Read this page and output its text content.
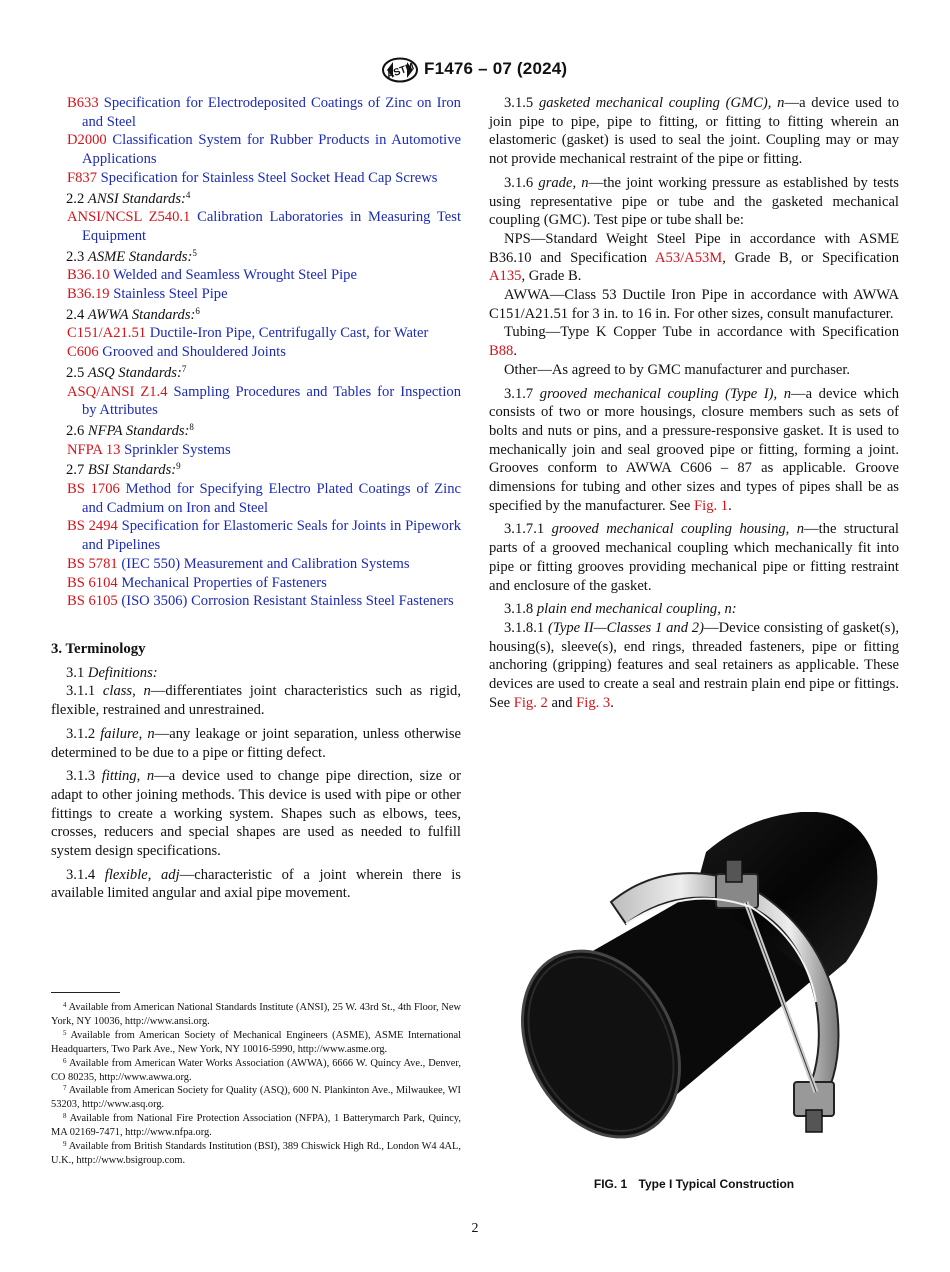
ASTM F1476 – 07 (2024)
B633 Specification for Electrodeposited Coatings of Zinc on Iron and Steel
D2000 Classification System for Rubber Products in Automotive Applications
F837 Specification for Stainless Steel Socket Head Cap Screws
2.2 ANSI Standards:$^4$
ANSI/NCSL Z540.1 Calibration Laboratories in Measuring Test Equipment
2.3 ASME Standards:$^5$
B36.10 Welded and Seamless Wrought Steel Pipe
B36.19 Stainless Steel Pipe
2.4 AWWA Standards:$^6$
C151/A21.51 Ductile-Iron Pipe, Centrifugally Cast, for Water
C606 Grooved and Shouldered Joints
2.5 ASQ Standards:$^7$
ASQ/ANSI Z1.4 Sampling Procedures and Tables for Inspection by Attributes
2.6 NFPA Standards:$^8$
NFPA 13 Sprinkler Systems
2.7 BSI Standards:$^9$
BS 1706 Method for Specifying Electro Plated Coatings of Zinc and Cadmium on Iron and Steel
BS 2494 Specification for Elastomeric Seals for Joints in Pipework and Pipelines
BS 5781 (IEC 550) Measurement and Calibration Systems
BS 6104 Mechanical Properties of Fasteners
BS 6105 (ISO 3506) Corrosion Resistant Stainless Steel Fasteners
3. Terminology
3.1 Definitions:
3.1.1 class, n—differentiates joint characteristics such as rigid, flexible, restrained and unrestrained.
3.1.2 failure, n—any leakage or joint separation, unless otherwise determined to be due to a pipe or fitting defect.
3.1.3 fitting, n—a device used to change pipe direction, size or adapt to other joining methods. This device is used with pipe or other fittings to create a working system. Shapes such as elbows, tees, crosses, reducers and special shapes are used as needed to fulfill system design specifications.
3.1.4 flexible, adj—characteristic of a joint wherein there is available limited angular and axial pipe movement.
$^4$ Available from American National Standards Institute (ANSI), 25 W. 43rd St., 4th Floor, New York, NY 10036, http://www.ansi.org.
$^5$ Available from American Society of Mechanical Engineers (ASME), ASME International Headquarters, Two Park Ave., New York, NY 10016-5990, http://www.asme.org.
$^6$ Available from American Water Works Association (AWWA), 6666 W. Quincy Ave., Denver, CO 80235, http://www.awwa.org.
$^7$ Available from American Society for Quality (ASQ), 600 N. Plankinton Ave., Milwaukee, WI 53203, http://www.asq.org.
$^8$ Available from National Fire Protection Association (NFPA), 1 Batterymarch Park, Quincy, MA 02169-7471, http://www.nfpa.org.
$^9$ Available from British Standards Institution (BSI), 389 Chiswick High Rd., London W4 4AL, U.K., http://www.bsigroup.com.
3.1.5 gasketed mechanical coupling (GMC), n—a device used to join pipe to pipe, pipe to fitting, or fitting to fitting wherein an elastomeric (gasket) is used to seal the joint. Coupling may or may not provide mechanical restraint of the pipe or fitting.
3.1.6 grade, n—the joint working pressure as established by tests using representative pipe or tube and the gasketed mechanical coupling (GMC). Test pipe or tube shall be:
NPS—Standard Weight Steel Pipe in accordance with ASME B36.10 and Specification A53/A53M, Grade B, or Specification A135, Grade B.
AWWA—Class 53 Ductile Iron Pipe in accordance with AWWA C151/A21.51 for 3 in. to 16 in. For other sizes, consult manufacturer.
Tubing—Type K Copper Tube in accordance with Specification B88.
Other—As agreed to by GMC manufacturer and purchaser.
3.1.7 grooved mechanical coupling (Type I), n—a device which consists of two or more housings, closure members such as sets of bolts and nuts or pins, and a pressure-responsive gasket. It is used to mechanically join and seal grooved pipe or fitting, forming a joint. Grooves conform to AWWA C606 – 87 as applicable. Groove dimensions for tubing and other sizes and types of pipes shall be as specified by the manufacturer. See Fig. 1.
3.1.7.1 grooved mechanical coupling housing, n—the structural parts of a grooved mechanical coupling which mechanically fit into pipe or fitting grooves providing mechanical pipe or fitting restraint and enclosure of the gasket.
3.1.8 plain end mechanical coupling, n:
3.1.8.1 (Type II—Classes 1 and 2)—Device consisting of gasket(s), housing(s), sleeve(s), end rings, threaded fasteners, pipe or fitting anchoring (gripping) features and seal retainers as applicable. These devices are used to create a seal and restrain plain end pipe or fittings. See Fig. 2 and Fig. 3.
FIG. 1 Type I Typical Construction
2
